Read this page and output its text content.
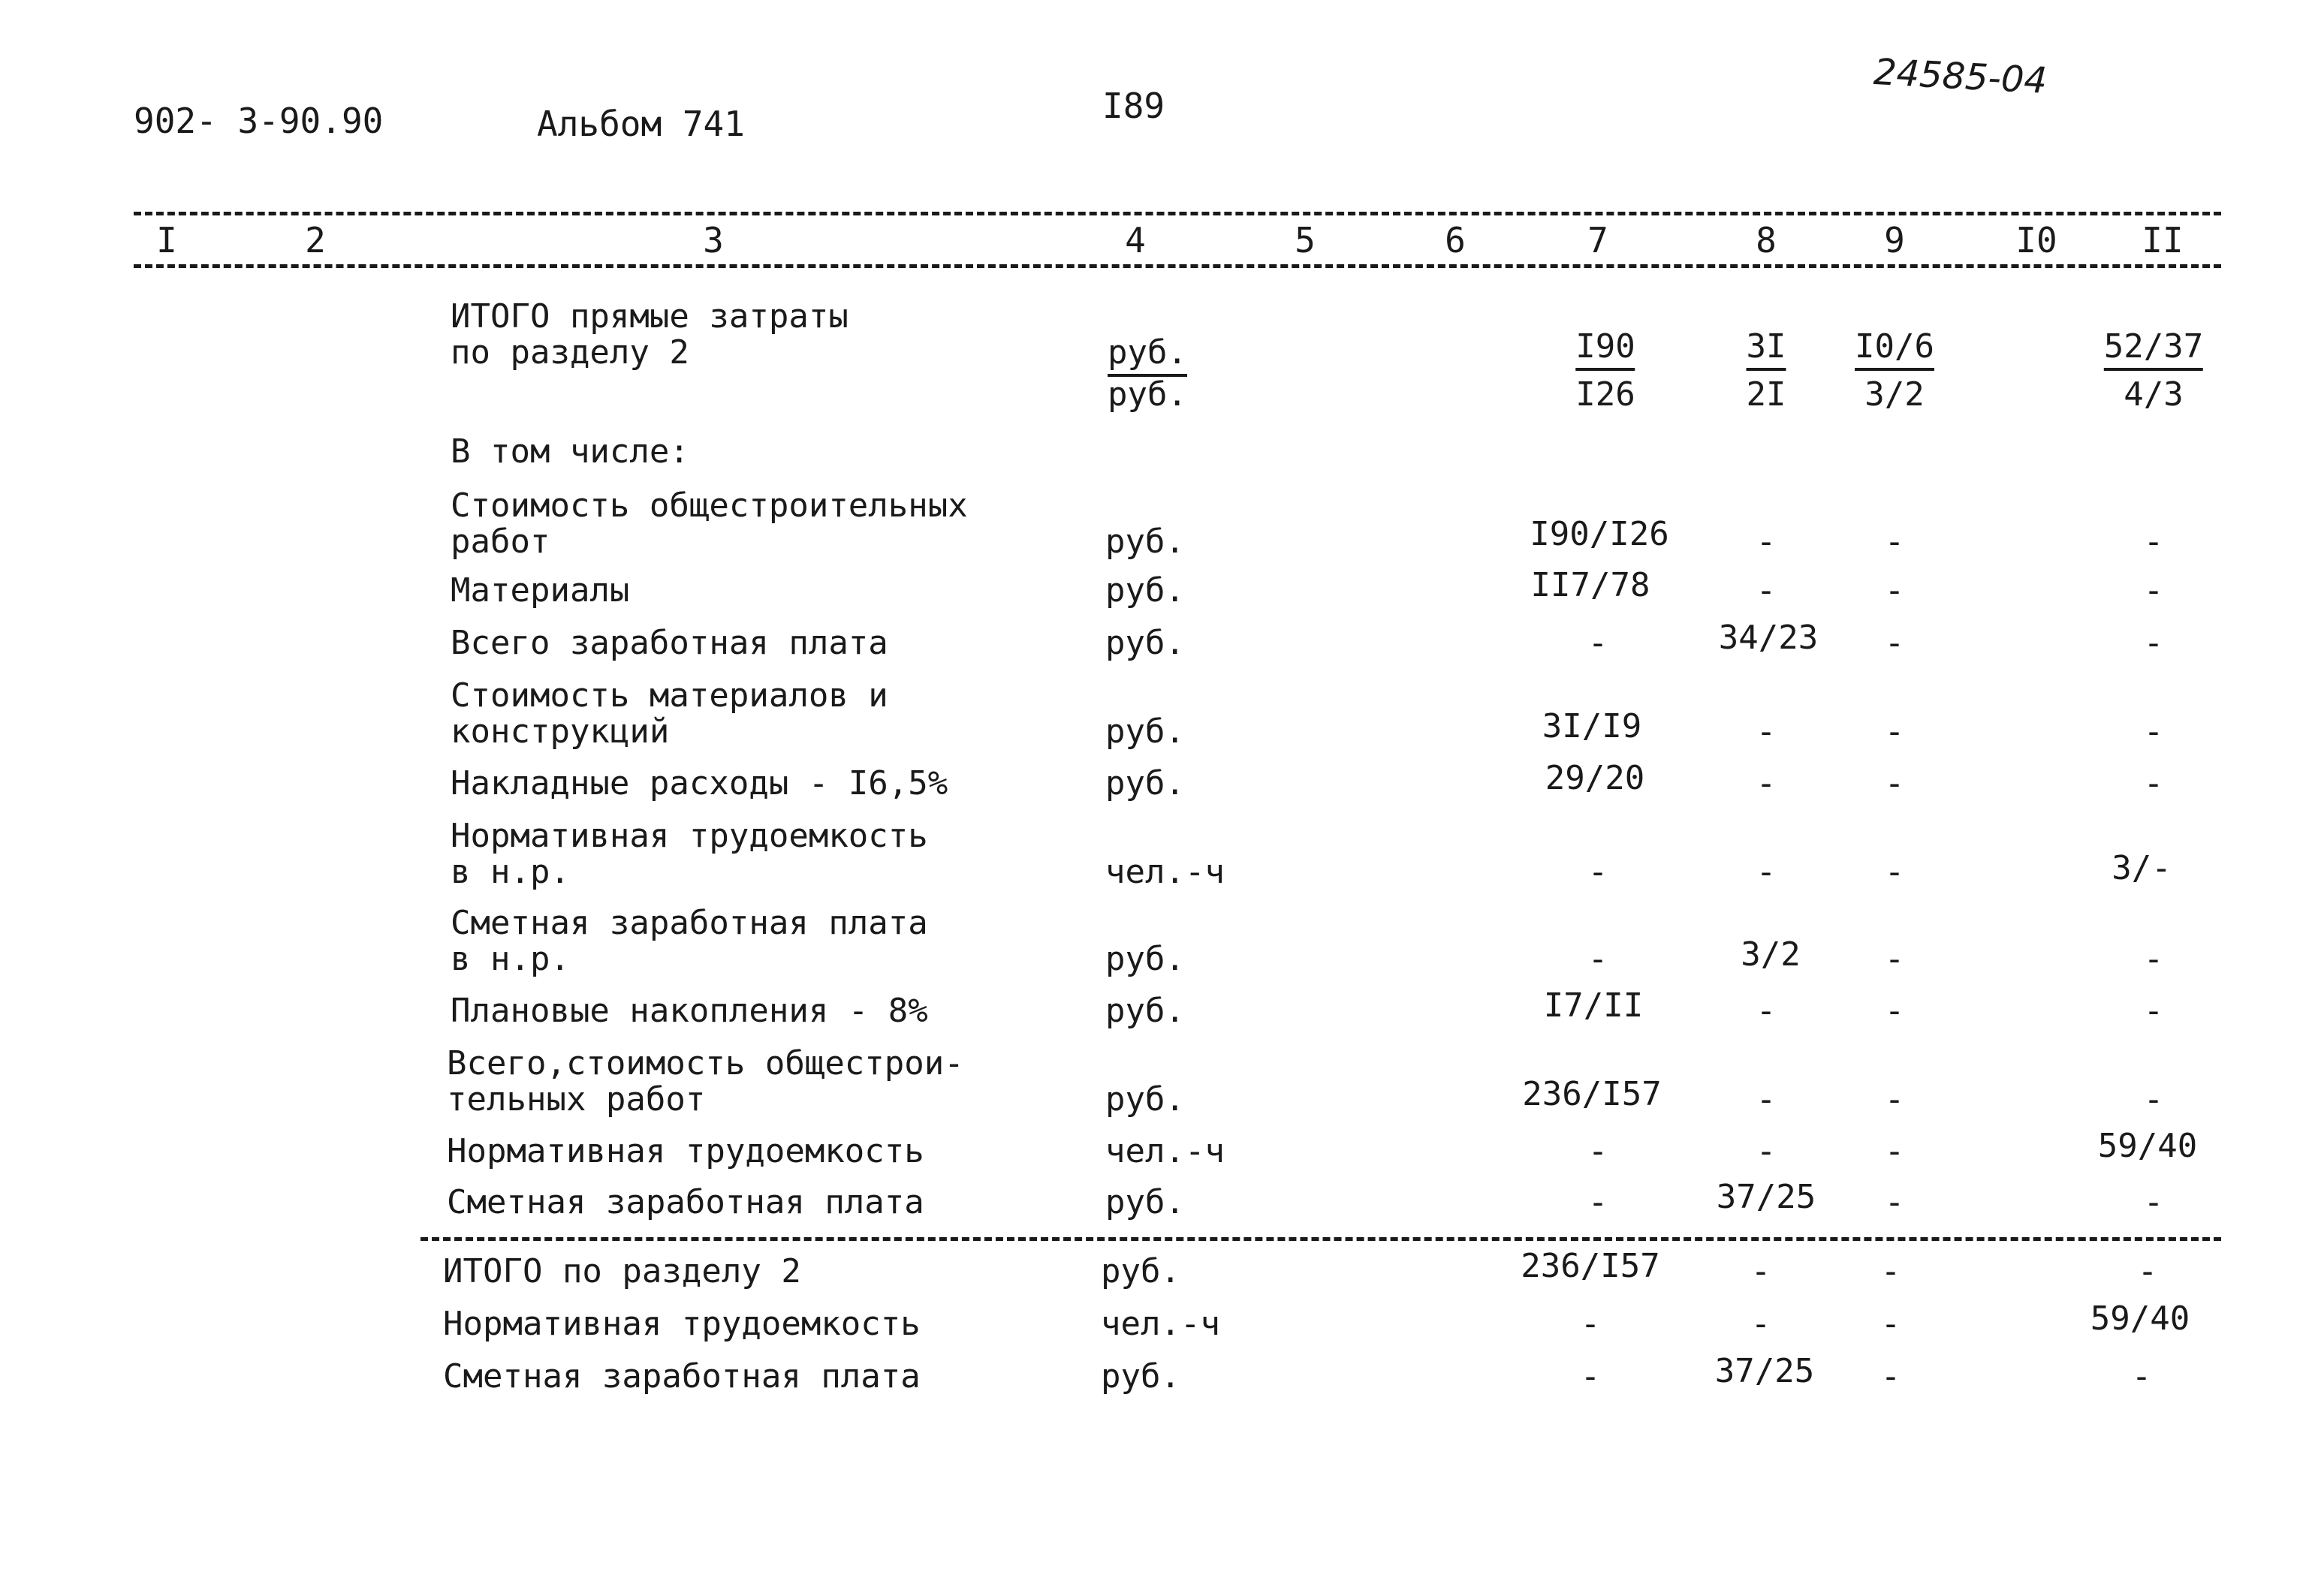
902- 3-90.90	Альбом 741	I89
24585-04
I	2	3	4	5	6	7	8	9	I0 II
ИТОГО прямые затраты
по разделу 2	$\frac{\text{руб.}}{\text{руб.}}$	$\frac{I90}{I26}$	$\frac{3I}{2I} \frac{I0/6}{3/2}$	$\frac{52/37}{4/3}$
В том числе:
Стоимость общестроительных
работ	руб.	I90/I26	-	-	-
Материалы	руб.	II7/78	-	-	-
Всего заработная плата	руб.	-	34/23 -	-
Стоимость материалов и
конструкций	руб.	3I/I9	-	-	-
Накладные расходы - I6,5%	руб.	29/20	-	-	-
Нормативная трудоемкость
в н.р.	чел.-ч	-	-	-	3/-
Сметная заработная плата
в н.р.	руб.	-	3/2	-	-
Плановые накопления - 8%	руб.	I7/II	-	-	-
Всего,стоимость общестрои-
тельных работ	руб.	236/I57	-	-	-
Нормативная трудоемкость	чел.-ч	-	-	-	59/40
Сметная заработная плата	руб.	-	37/25 -	-
ИТОГО по разделу 2	руб.	236/I57	-	-	-
Нормативная трудоемкость	чел.-ч	-	-	-	59/40
Сметная заработная плата	руб.	-	37/25 -	-
